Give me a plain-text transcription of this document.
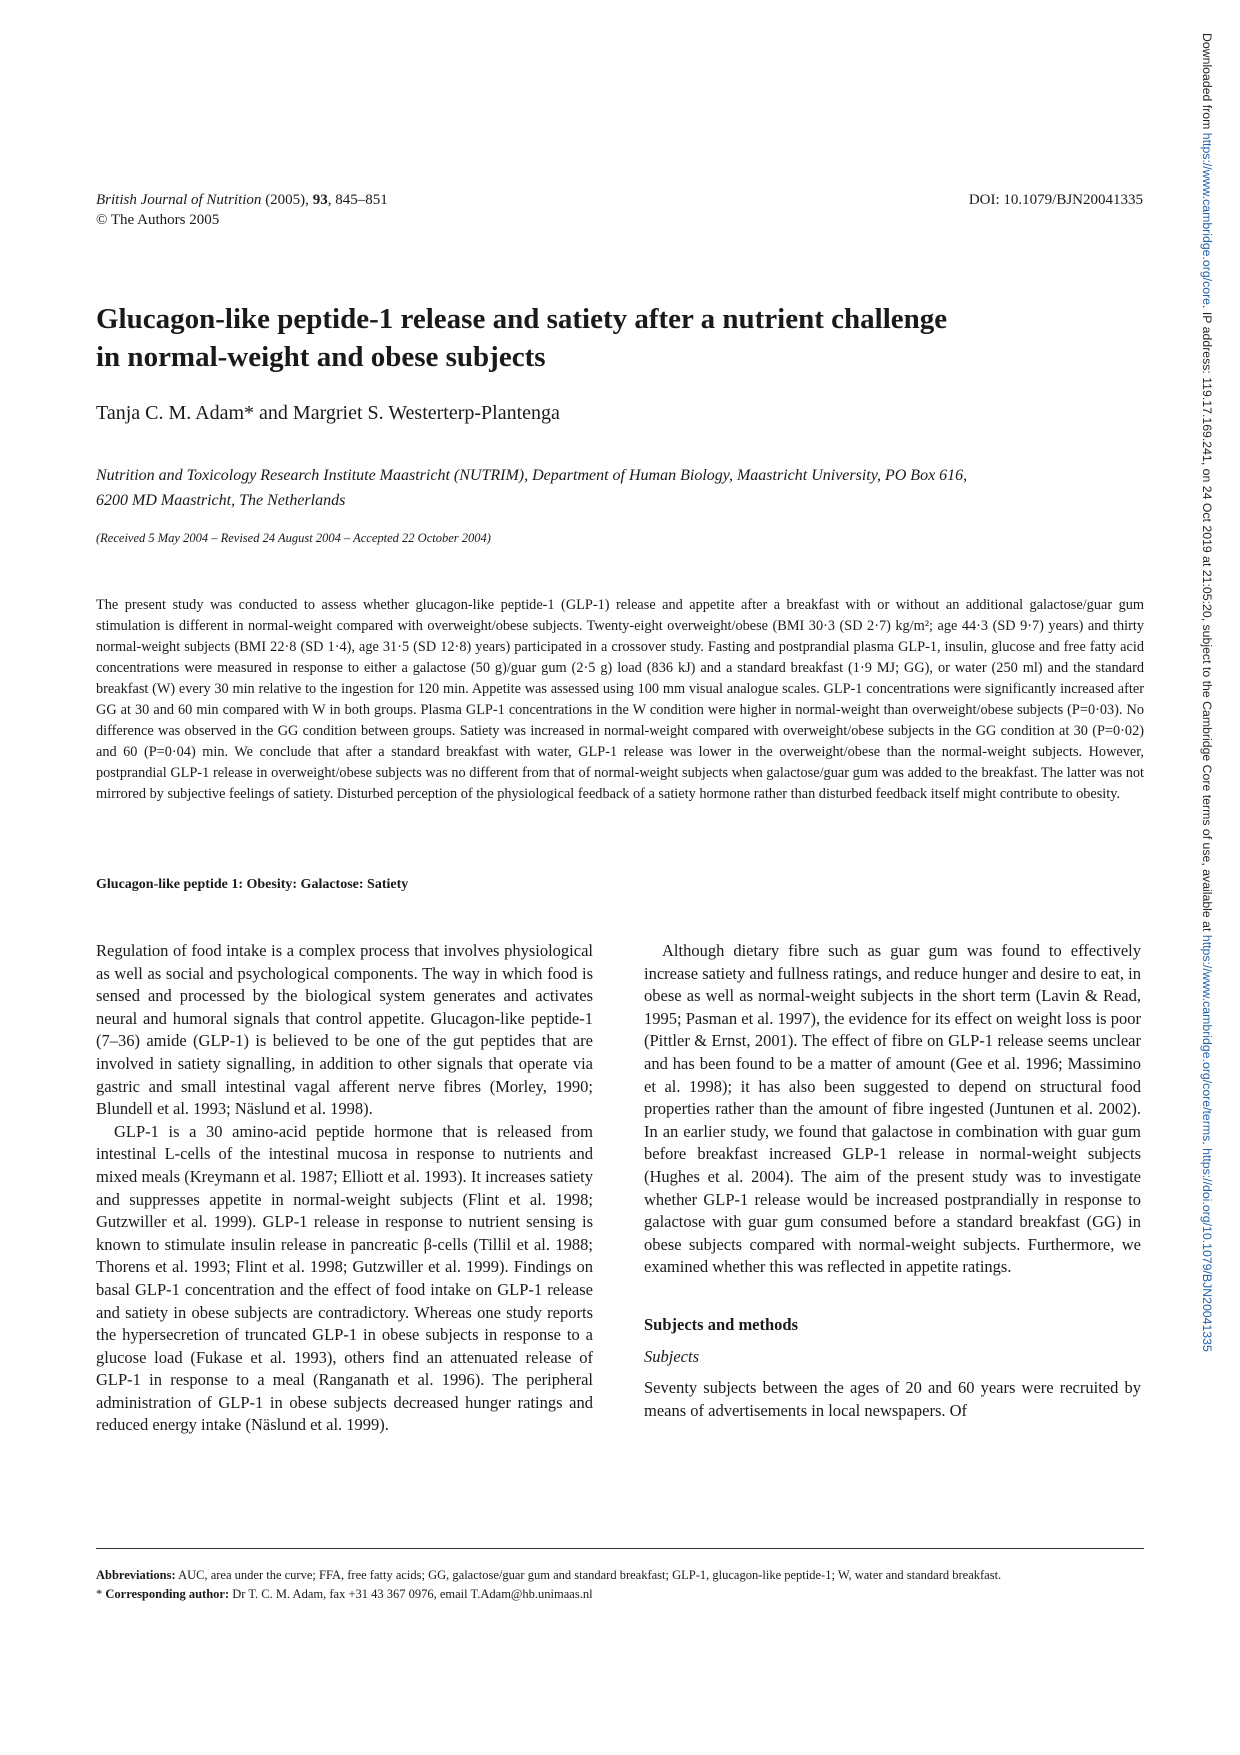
British Journal of Nutrition (2005), 93, 845–851
© The Authors 2005
DOI: 10.1079/BJN20041335
Glucagon-like peptide-1 release and satiety after a nutrient challenge
in normal-weight and obese subjects
Tanja C. M. Adam* and Margriet S. Westerterp-Plantenga
Nutrition and Toxicology Research Institute Maastricht (NUTRIM), Department of Human Biology, Maastricht University, PO Box 616,
6200 MD Maastricht, The Netherlands
(Received 5 May 2004 – Revised 24 August 2004 – Accepted 22 October 2004)
The present study was conducted to assess whether glucagon-like peptide-1 (GLP-1) release and appetite after a breakfast with or without an additional galactose/guar gum stimulation is different in normal-weight compared with overweight/obese subjects. Twenty-eight overweight/obese (BMI 30·3 (SD 2·7) kg/m²; age 44·3 (SD 9·7) years) and thirty normal-weight subjects (BMI 22·8 (SD 1·4), age 31·5 (SD 12·8) years) participated in a crossover study. Fasting and postprandial plasma GLP-1, insulin, glucose and free fatty acid concentrations were measured in response to either a galactose (50 g)/guar gum (2·5 g) load (836 kJ) and a standard breakfast (1·9 MJ; GG), or water (250 ml) and the standard breakfast (W) every 30 min relative to the ingestion for 120 min. Appetite was assessed using 100 mm visual analogue scales. GLP-1 concentrations were significantly increased after GG at 30 and 60 min compared with W in both groups. Plasma GLP-1 concentrations in the W condition were higher in normal-weight than overweight/obese subjects (P=0·03). No difference was observed in the GG condition between groups. Satiety was increased in normal-weight compared with overweight/obese subjects in the GG condition at 30 (P=0·02) and 60 (P=0·04) min. We conclude that after a standard breakfast with water, GLP-1 release was lower in the overweight/obese than the normal-weight subjects. However, postprandial GLP-1 release in overweight/obese subjects was no different from that of normal-weight subjects when galactose/guar gum was added to the breakfast. The latter was not mirrored by subjective feelings of satiety. Disturbed perception of the physiological feedback of a satiety hormone rather than disturbed feedback itself might contribute to obesity.
Glucagon-like peptide 1: Obesity: Galactose: Satiety

Regulation of food intake is a complex process that involves physiological as well as social and psychological components. The way in which food is sensed and processed by the biological system generates and activates neural and humoral signals that control appetite. Glucagon-like peptide-1 (7–36) amide (GLP-1) is believed to be one of the gut peptides that are involved in satiety signalling, in addition to other signals that operate via gastric and small intestinal vagal afferent nerve fibres (Morley, 1990; Blundell et al. 1993; Näslund et al. 1998).

GLP-1 is a 30 amino-acid peptide hormone that is released from intestinal L-cells of the intestinal mucosa in response to nutrients and mixed meals (Kreymann et al. 1987; Elliott et al. 1993). It increases satiety and suppresses appetite in normal-weight subjects (Flint et al. 1998; Gutzwiller et al. 1999). GLP-1 release in response to nutrient sensing is known to stimulate insulin release in pancreatic β-cells (Tillil et al. 1988; Thorens et al. 1993; Flint et al. 1998; Gutzwiller et al. 1999). Findings on basal GLP-1 concentration and the effect of food intake on GLP-1 release and satiety in obese subjects are contradictory. Whereas one study reports the hypersecretion of truncated GLP-1 in obese subjects in response to a glucose load (Fukase et al. 1993), others find an attenuated release of GLP-1 in response to a meal (Ranganath et al. 1996). The peripheral administration of GLP-1 in obese subjects decreased hunger ratings and reduced energy intake (Näslund et al. 1999).

Although dietary fibre such as guar gum was found to effectively increase satiety and fullness ratings, and reduce hunger and desire to eat, in obese as well as normal-weight subjects in the short term (Lavin & Read, 1995; Pasman et al. 1997), the evidence for its effect on weight loss is poor (Pittler & Ernst, 2001). The effect of fibre on GLP-1 release seems unclear and has been found to be a matter of amount (Gee et al. 1996; Massimino et al. 1998); it has also been suggested to depend on structural food properties rather than the amount of fibre ingested (Juntunen et al. 2002). In an earlier study, we found that galactose in combination with guar gum before breakfast increased GLP-1 release in normal-weight subjects (Hughes et al. 2004). The aim of the present study was to investigate whether GLP-1 release would be increased postprandially in response to galactose with guar gum consumed before a standard breakfast (GG) in obese subjects compared with normal-weight subjects. Furthermore, we examined whether this was reflected in appetite ratings.

Subjects and methods

Subjects

Seventy subjects between the ages of 20 and 60 years were recruited by means of advertisements in local newspapers. Of

Abbreviations: AUC, area under the curve; FFA, free fatty acids; GG, galactose/guar gum and standard breakfast; GLP-1, glucagon-like peptide-1; W, water and standard breakfast.

* Corresponding author: Dr T. C. M. Adam, fax +31 43 367 0976, email T.Adam@hb.unimaas.nl

Downloaded from https://www.cambridge.org/core. IP address: 119.17.169.241, on 24 Oct 2019 at 21:05:20, subject to the Cambridge Core terms of use, available at https://www.cambridge.org/core/terms. https://doi.org/10.1079/BJN20041335
